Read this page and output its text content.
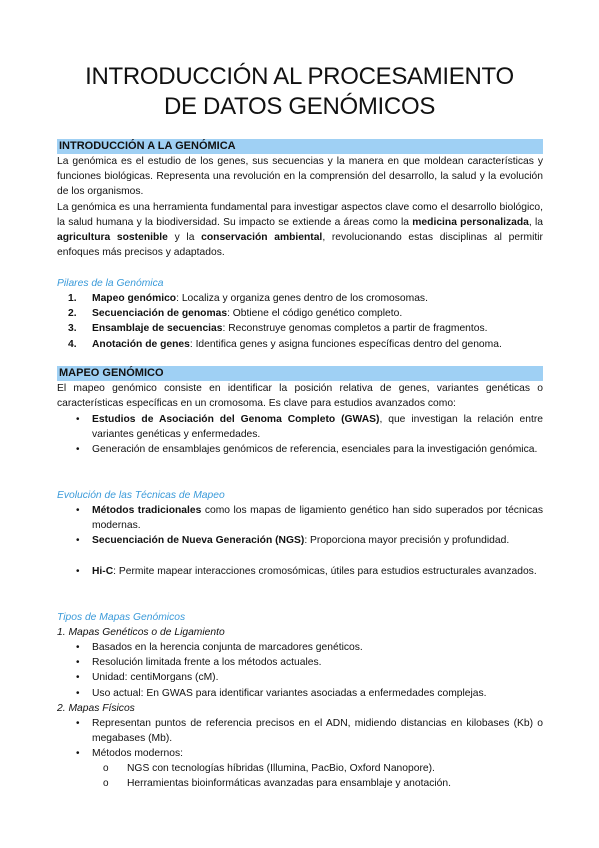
INTRODUCCIÓN AL PROCESAMIENTO
DE DATOS GENÓMICOS
INTRODUCCIÓN A LA GENÓMICA
La genómica es el estudio de los genes, sus secuencias y la manera en que moldean características y funciones biológicas. Representa una revolución en la comprensión del desarrollo, la salud y la evolución de los organismos.
La genómica es una herramienta fundamental para investigar aspectos clave como el desarrollo biológico, la salud humana y la biodiversidad. Su impacto se extiende a áreas como la medicina personalizada, la agricultura sostenible y la conservación ambiental, revolucionando estas disciplinas al permitir enfoques más precisos y adaptados.
Pilares de la Genómica
1. Mapeo genómico: Localiza y organiza genes dentro de los cromosomas.
2. Secuenciación de genomas: Obtiene el código genético completo.
3. Ensamblaje de secuencias: Reconstruye genomas completos a partir de fragmentos.
4. Anotación de genes: Identifica genes y asigna funciones específicas dentro del genoma.
MAPEO GENÓMICO
El mapeo genómico consiste en identificar la posición relativa de genes, variantes genéticas o características específicas en un cromosoma. Es clave para estudios avanzados como:
• Estudios de Asociación del Genoma Completo (GWAS), que investigan la relación entre variantes genéticas y enfermedades.
• Generación de ensamblajes genómicos de referencia, esenciales para la investigación genómica.
Evolución de las Técnicas de Mapeo
• Métodos tradicionales como los mapas de ligamiento genético han sido superados por técnicas modernas.
• Secuenciación de Nueva Generación (NGS): Proporciona mayor precisión y profundidad.
• Hi-C: Permite mapear interacciones cromosómicas, útiles para estudios estructurales avanzados.
Tipos de Mapas Genómicos
1. Mapas Genéticos o de Ligamiento
• Basados en la herencia conjunta de marcadores genéticos.
• Resolución limitada frente a los métodos actuales.
• Unidad: centiMorgans (cM).
• Uso actual: En GWAS para identificar variantes asociadas a enfermedades complejas.
2. Mapas Físicos
• Representan puntos de referencia precisos en el ADN, midiendo distancias en kilobases (Kb) o megabases (Mb).
• Métodos modernos:
o NGS con tecnologías híbridas (Illumina, PacBio, Oxford Nanopore).
o Herramientas bioinformáticas avanzadas para ensamblaje y anotación.
